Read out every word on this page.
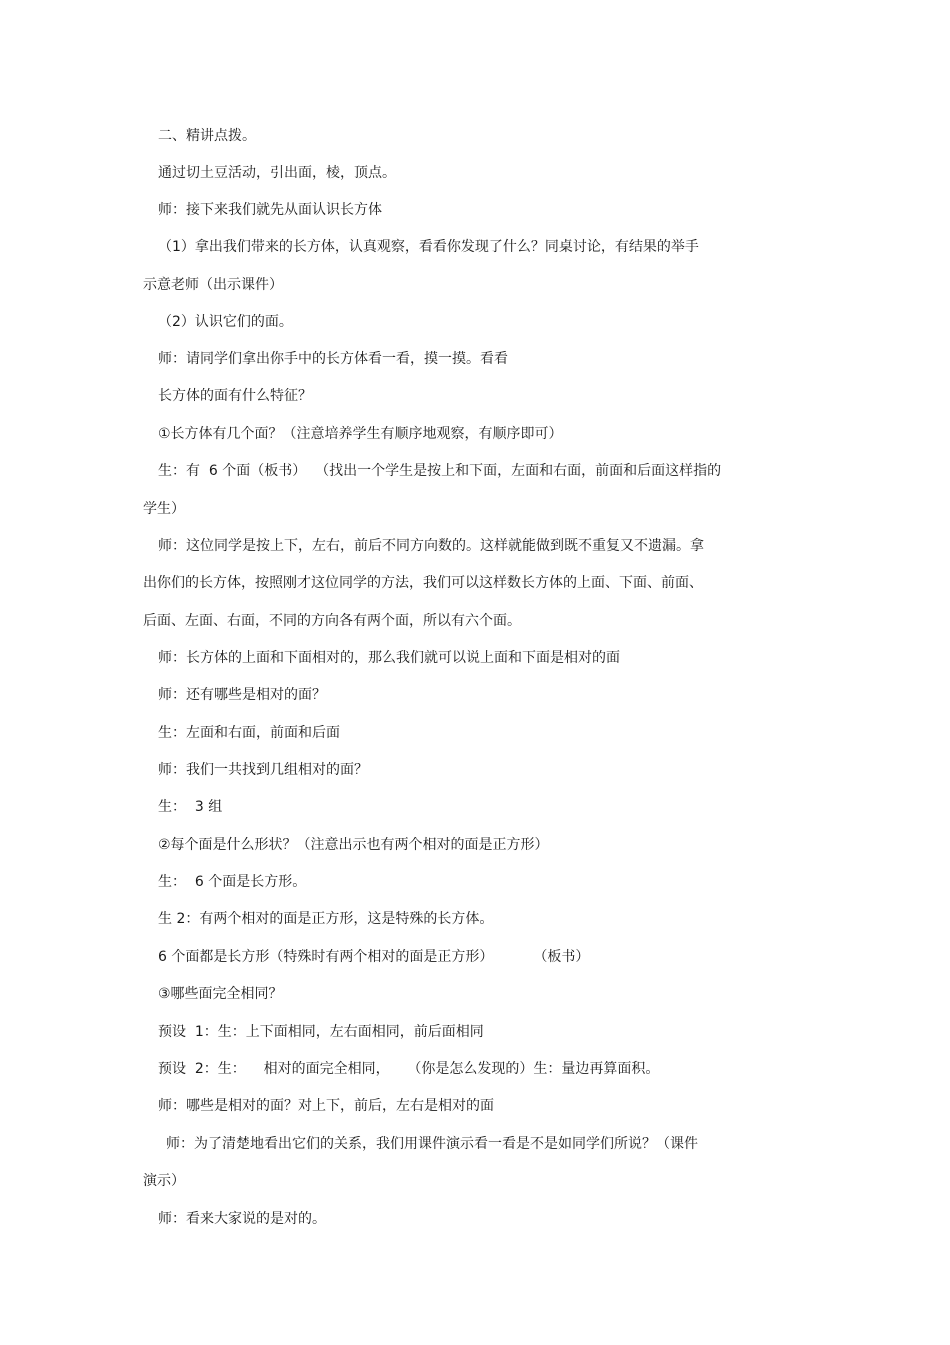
二、精讲点拨。
通过切土豆活动，引出面，棱，顶点。
师：接下来我们就先从面认识长方体
（1）拿出我们带来的长方体，认真观察，看看你发现了什么？同桌讨论，有结果的举手
示意老师（出示课件）
（2）认识它们的面。
师：请同学们拿出你手中的长方体看一看，摸一摸。看看
长方体的面有什么特征？
①长方体有几个面？（注意培养学生有顺序地观察，有顺序即可）
生：有  6 个面（板书）  （找出一个学生是按上和下面，左面和右面，前面和后面这样指的
学生）
师：这位同学是按上下，左右，前后不同方向数的。这样就能做到既不重复又不遗漏。拿
出你们的长方体，按照刚才这位同学的方法，我们可以这样数长方体的上面、下面、前面、
后面、左面、右面，不同的方向各有两个面，所以有六个面。
师：长方体的上面和下面相对的，那么我们就可以说上面和下面是相对的面
师：还有哪些是相对的面？
生：左面和右面，前面和后面
师：我们一共找到几组相对的面？
生：  3 组
②每个面是什么形状？（注意出示也有两个相对的面是正方形）
生：  6 个面是长方形。
生 2：有两个相对的面是正方形，这是特殊的长方体。
6 个面都是长方形（特殊时有两个相对的面是正方形）         （板书）
③哪些面完全相同？
预设  1：生：上下面相同，左右面相同，前后面相同
预设  2：生：    相对的面完全相同，    （你是怎么发现的）生：量边再算面积。
师：哪些是相对的面？对上下，前后，左右是相对的面
师：为了清楚地看出它们的关系，我们用课件演示看一看是不是如同学们所说？（课件
演示）
师：看来大家说的是对的。
